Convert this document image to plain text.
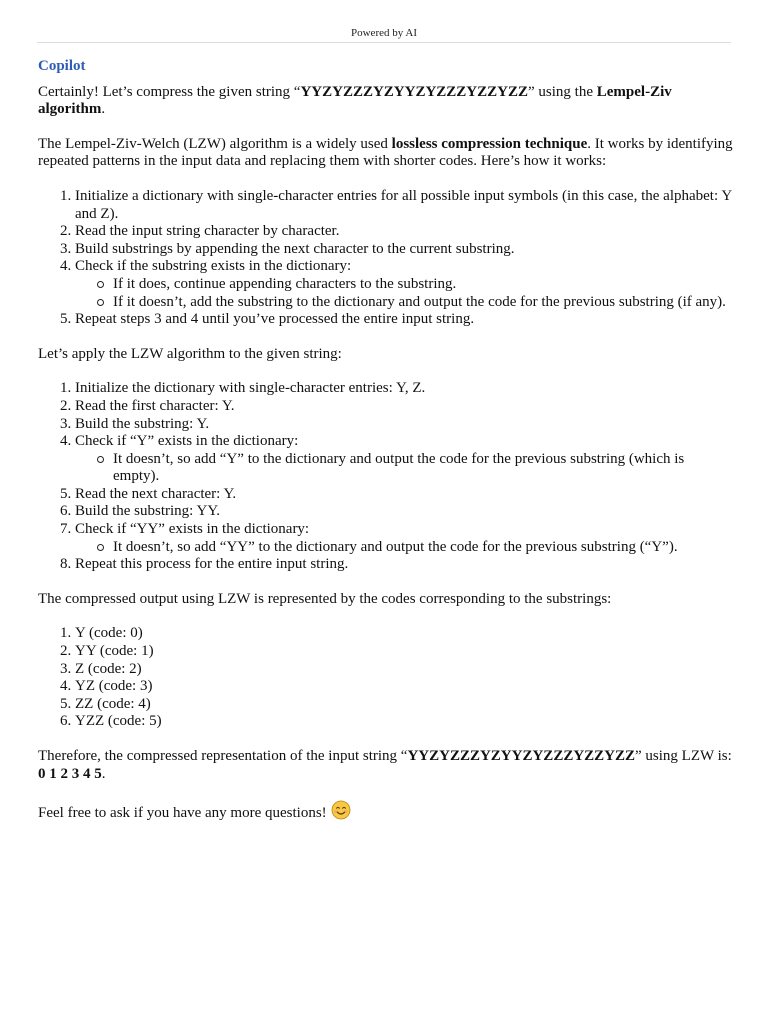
Powered by AI
Copilot

Certainly! Let’s compress the given string “YYZYZZZYZYYZYZZZYZZYZZ” using the Lempel-Ziv algorithm.

The Lempel-Ziv-Welch (LZW) algorithm is a widely used lossless compression technique. It works by identifying repeated patterns in the input data and replacing them with shorter codes. Here’s how it works:

1. Initialize a dictionary with single-character entries for all possible input symbols (in this case, the alphabet: Y and Z).
2. Read the input string character by character.
3. Build substrings by appending the next character to the current substring.
4. Check if the substring exists in the dictionary:
If it does, continue appending characters to the substring.
If it doesn’t, add the substring to the dictionary and output the code for the previous substring (if any).
5. Repeat steps 3 and 4 until you’ve processed the entire input string.

Let’s apply the LZW algorithm to the given string:

1. Initialize the dictionary with single-character entries: Y, Z.
2. Read the first character: Y.
3. Build the substring: Y.
4. Check if “Y” exists in the dictionary:
It doesn’t, so add “Y” to the dictionary and output the code for the previous substring (which is empty).
5. Read the next character: Y.
6. Build the substring: YY.
7. Check if “YY” exists in the dictionary:
It doesn’t, so add “YY” to the dictionary and output the code for the previous substring (“Y”).
8. Repeat this process for the entire input string.

The compressed output using LZW is represented by the codes corresponding to the substrings:

1. Y (code: 0)
2. YY (code: 1)
3. Z (code: 2)
4. YZ (code: 3)
5. ZZ (code: 4)
6. YZZ (code: 5)

Therefore, the compressed representation of the input string “YYZYZZZYZYYZYZZZYZZYZZ” using LZW is: 0 1 2 3 4 5.

Feel free to ask if you have any more questions!
